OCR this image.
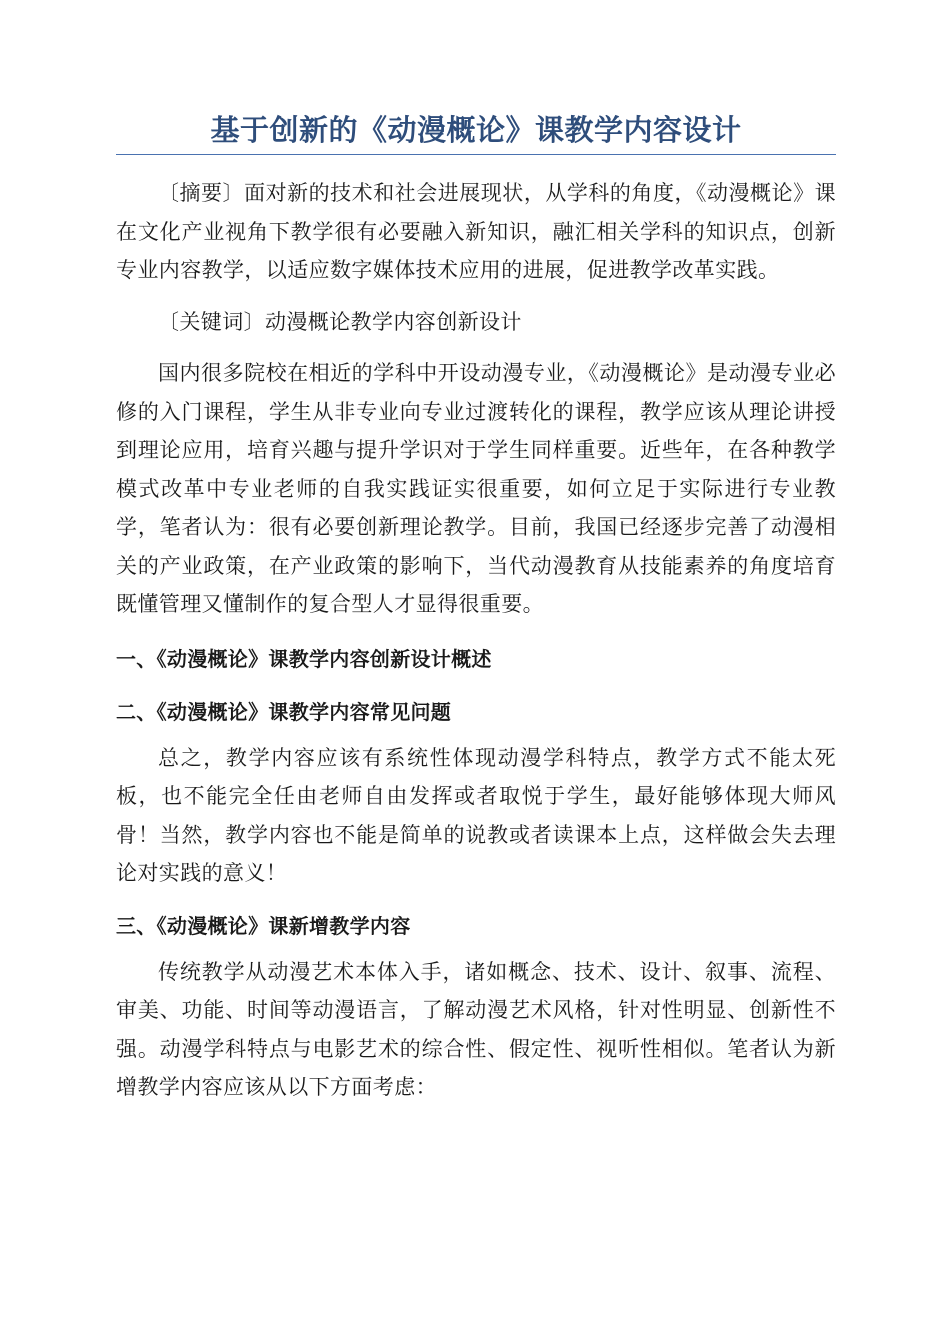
基于创新的《动漫概论》课教学内容设计

〔摘要〕面对新的技术和社会进展现状，从学科的角度，《动漫概论》课在文化产业视角下教学很有必要融入新知识，融汇相关学科的知识点，创新专业内容教学，以适应数字媒体技术应用的进展，促进教学改革实践。

〔关键词〕动漫概论教学内容创新设计

国内很多院校在相近的学科中开设动漫专业，《动漫概论》是动漫专业必修的入门课程，学生从非专业向专业过渡转化的课程，教学应该从理论讲授到理论应用，培育兴趣与提升学识对于学生同样重要。近些年，在各种教学模式改革中专业老师的自我实践证实很重要，如何立足于实际进行专业教学，笔者认为：很有必要创新理论教学。目前，我国已经逐步完善了动漫相关的产业政策，在产业政策的影响下，当代动漫教育从技能素养的角度培育既懂管理又懂制作的复合型人才显得很重要。

一、《动漫概论》课教学内容创新设计概述
二、《动漫概论》课教学内容常见问题

总之，教学内容应该有系统性体现动漫学科特点，教学方式不能太死板，也不能完全任由老师自由发挥或者取悦于学生，最好能够体现大师风骨！当然，教学内容也不能是简单的说教或者读课本上点，这样做会失去理论对实践的意义！

三、《动漫概论》课新增教学内容

传统教学从动漫艺术本体入手，诸如概念、技术、设计、叙事、流程、审美、功能、时间等动漫语言，了解动漫艺术风格，针对性明显、创新性不强。动漫学科特点与电影艺术的综合性、假定性、视听性相似。笔者认为新增教学内容应该从以下方面考虑：
